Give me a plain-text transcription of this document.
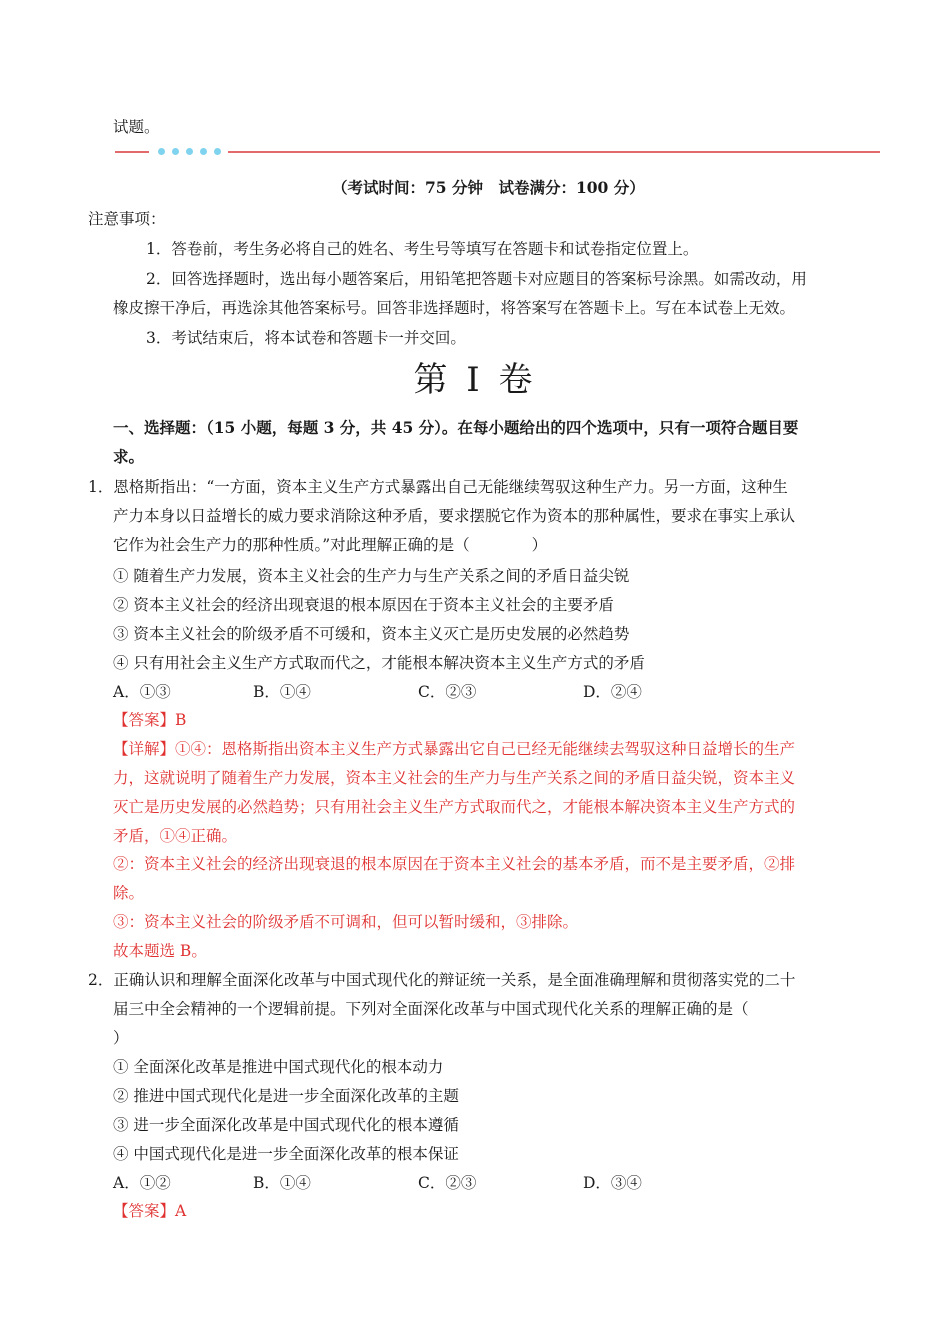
试题。
（考试时间：75 分钟　试卷满分：100 分）
注意事项：
1．答卷前，考生务必将自己的姓名、考生号等填写在答题卡和试卷指定位置上。
2．回答选择题时，选出每小题答案后，用铅笔把答题卡对应题目的答案标号涂黑。如需改动，用
橡皮擦干净后，再选涂其他答案标号。回答非选择题时，将答案写在答题卡上。写在本试卷上无效。
3．考试结束后，将本试卷和答题卡一并交回。
第 I 卷
一、选择题：（15 小题，每题 3 分，共 45 分）。在每小题给出的四个选项中，只有一项符合题目要
求。
1．恩格斯指出：“一方面，资本主义生产方式暴露出自己无能继续驾驭这种生产力。另一方面，这种生
产力本身以日益增长的威力要求消除这种矛盾，要求摆脱它作为资本的那种属性，要求在事实上承认
它作为社会生产力的那种性质。”对此理解正确的是（　　　　）
① 随着生产力发展，资本主义社会的生产力与生产关系之间的矛盾日益尖锐
② 资本主义社会的经济出现衰退的根本原因在于资本主义社会的主要矛盾
③ 资本主义社会的阶级矛盾不可缓和，资本主义灭亡是历史发展的必然趋势
④ 只有用社会主义生产方式取而代之，才能根本解决资本主义生产方式的矛盾
A．①③	B．①④	C．②③	D．②④
【答案】B
【详解】①④：恩格斯指出资本主义生产方式暴露出它自己已经无能继续去驾驭这种日益增长的生产
力，这就说明了随着生产力发展，资本主义社会的生产力与生产关系之间的矛盾日益尖锐，资本主义
灭亡是历史发展的必然趋势；只有用社会主义生产方式取而代之，才能根本解决资本主义生产方式的
矛盾，①④正确。
②：资本主义社会的经济出现衰退的根本原因在于资本主义社会的基本矛盾，而不是主要矛盾，②排
除。
③：资本主义社会的阶级矛盾不可调和，但可以暂时缓和，③排除。
故本题选 B。
2．正确认识和理解全面深化改革与中国式现代化的辩证统一关系，是全面准确理解和贯彻落实党的二十
届三中全会精神的一个逻辑前提。下列对全面深化改革与中国式现代化关系的理解正确的是（
）
① 全面深化改革是推进中国式现代化的根本动力
② 推进中国式现代化是进一步全面深化改革的主题
③ 进一步全面深化改革是中国式现代化的根本遵循
④ 中国式现代化是进一步全面深化改革的根本保证
A．①②	B．①④	C．②③	D．③④
【答案】A
